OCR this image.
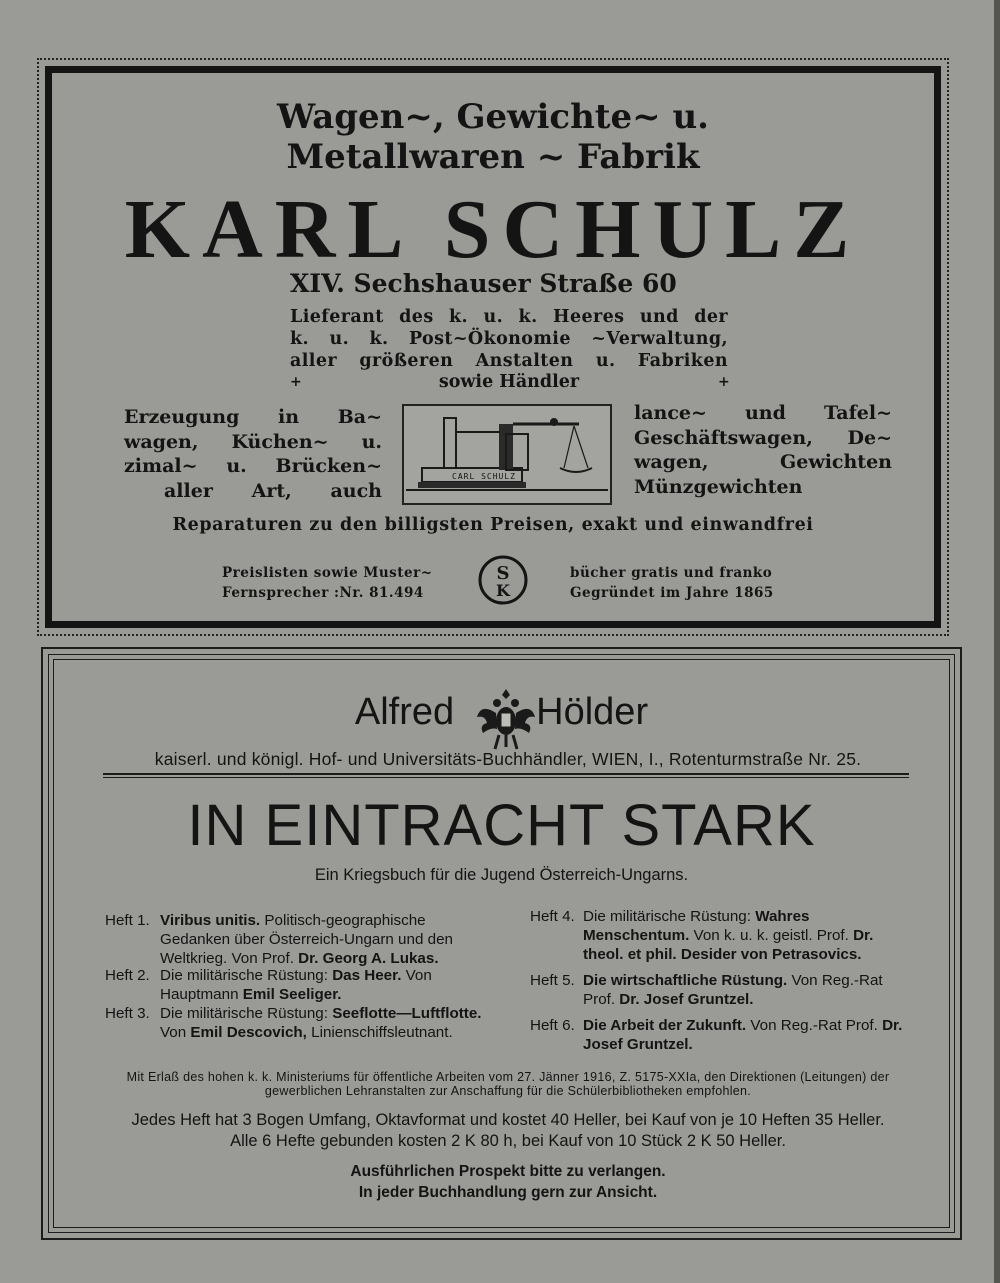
Wagen~, Gewichte~ u.
Metallwaren ~ Fabrik
KARL SCHULZ
XIV. Sechshauser Straße 60
Lieferant des k. u. k. Heeres und der
k. u. k. Post~Ökonomie ~Verwaltung,
aller größeren Anstalten u. Fabriken
+	sowie Händler	+
Erzeugung in Ba~
wagen, Küchen~ u.
zimal~ u. Brücken~
aller Art, auch
CARL SCHULZ
lance~ und Tafel~
Geschäftswagen, De~
wagen, Gewichten
Münzgewichten
Reparaturen zu den billigsten Preisen, exakt und einwandfrei
Preislisten sowie Muster~
Fernsprecher :Nr. 81.494
S
K
bücher gratis und franko
Gegründet im Jahre 1865
Alfred Hölder
kaiserl. und königl. Hof- und Universitäts-Buchhändler, WIEN, I., Rotenturmstraße Nr. 25.
IN EINTRACHT STARK
Ein Kriegsbuch für die Jugend Österreich-Ungarns.
Heft 1. Viribus unitis. Politisch-geographische Gedanken über Österreich-Ungarn und den Weltkrieg. Von Prof. Dr. Georg A. Lukas.
Heft 2. Die militärische Rüstung: Das Heer. Von Hauptmann Emil Seeliger.
Heft 3. Die militärische Rüstung: Seeflotte—Luftflotte. Von Emil Descovich, Linienschiffsleutnant.
Heft 4. Die militärische Rüstung: Wahres Menschentum. Von k. u. k. geistl. Prof. Dr. theol. et phil. Desider von Petrasovics.
Heft 5. Die wirtschaftliche Rüstung. Von Reg.-Rat Prof. Dr. Josef Gruntzel.
Heft 6. Die Arbeit der Zukunft. Von Reg.-Rat Prof. Dr. Josef Gruntzel.
Mit Erlaß des hohen k. k. Ministeriums für öffentliche Arbeiten vom 27. Jänner 1916, Z. 5175-XXIa, den Direktionen (Leitungen) der gewerblichen Lehranstalten zur Anschaffung für die Schülerbibliotheken empfohlen.
Jedes Heft hat 3 Bogen Umfang, Oktavformat und kostet 40 Heller, bei Kauf von je 10 Heften 35 Heller.
Alle 6 Hefte gebunden kosten 2 K 80 h, bei Kauf von 10 Stück 2 K 50 Heller.
Ausführlichen Prospekt bitte zu verlangen.
In jeder Buchhandlung gern zur Ansicht.
